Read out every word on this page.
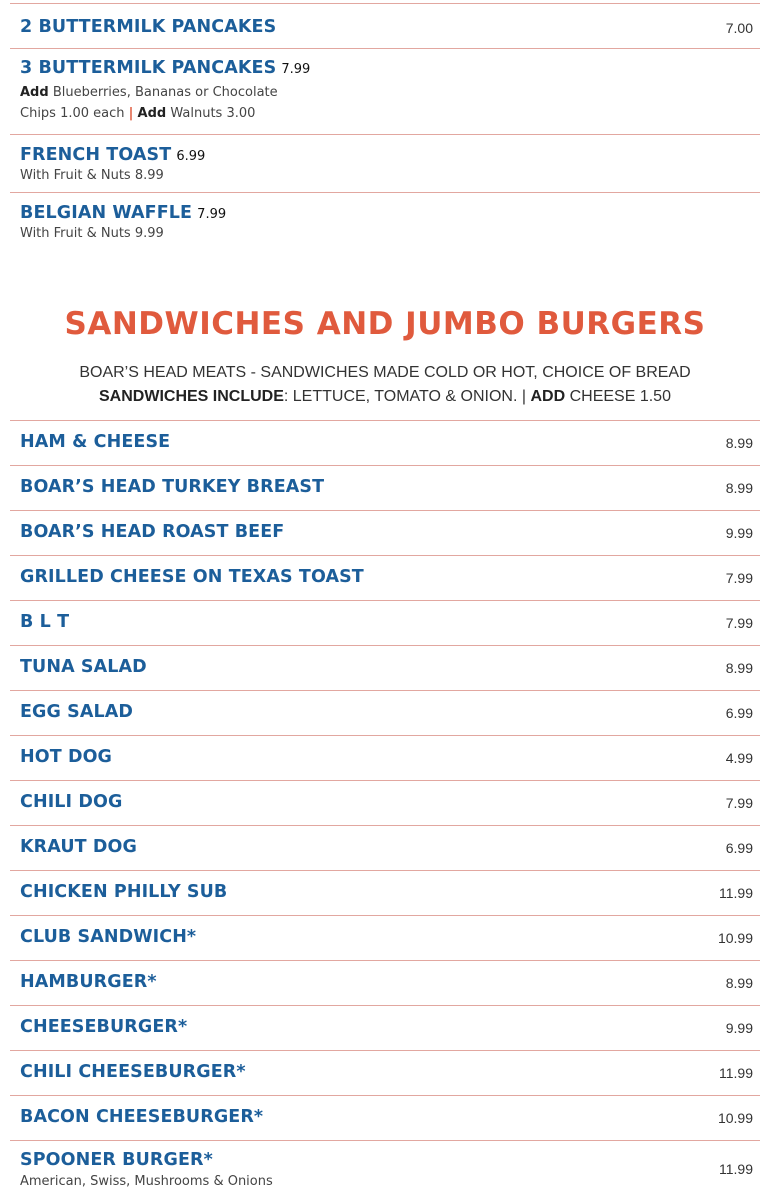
2 BUTTERMILK PANCAKES	7.00
3 BUTTERMILK PANCAKES 7.99
Add Blueberries, Bananas or Chocolate
Chips 1.00 each | Add Walnuts 3.00
FRENCH TOAST 6.99
With Fruit & Nuts 8.99
BELGIAN WAFFLE 7.99
With Fruit & Nuts 9.99
SANDWICHES AND JUMBO BURGERS
BOAR’S HEAD MEATS - SANDWICHES MADE COLD OR HOT, CHOICE OF BREAD
SANDWICHES INCLUDE: LETTUCE, TOMATO & ONION. | ADD CHEESE 1.50
HAM & CHEESE	8.99
BOAR’S HEAD TURKEY BREAST	8.99
BOAR’S HEAD ROAST BEEF	9.99
GRILLED CHEESE ON TEXAS TOAST	7.99
B L T	7.99
TUNA SALAD	8.99
EGG SALAD	6.99
HOT DOG	4.99
CHILI DOG	7.99
KRAUT DOG	6.99
CHICKEN PHILLY SUB	11.99
CLUB SANDWICH*	10.99
HAMBURGER*	8.99
CHEESEBURGER*	9.99
CHILI CHEESEBURGER*	11.99
BACON CHEESEBURGER*	10.99
SPOONER BURGER*	11.99
American, Swiss, Mushrooms & Onions
